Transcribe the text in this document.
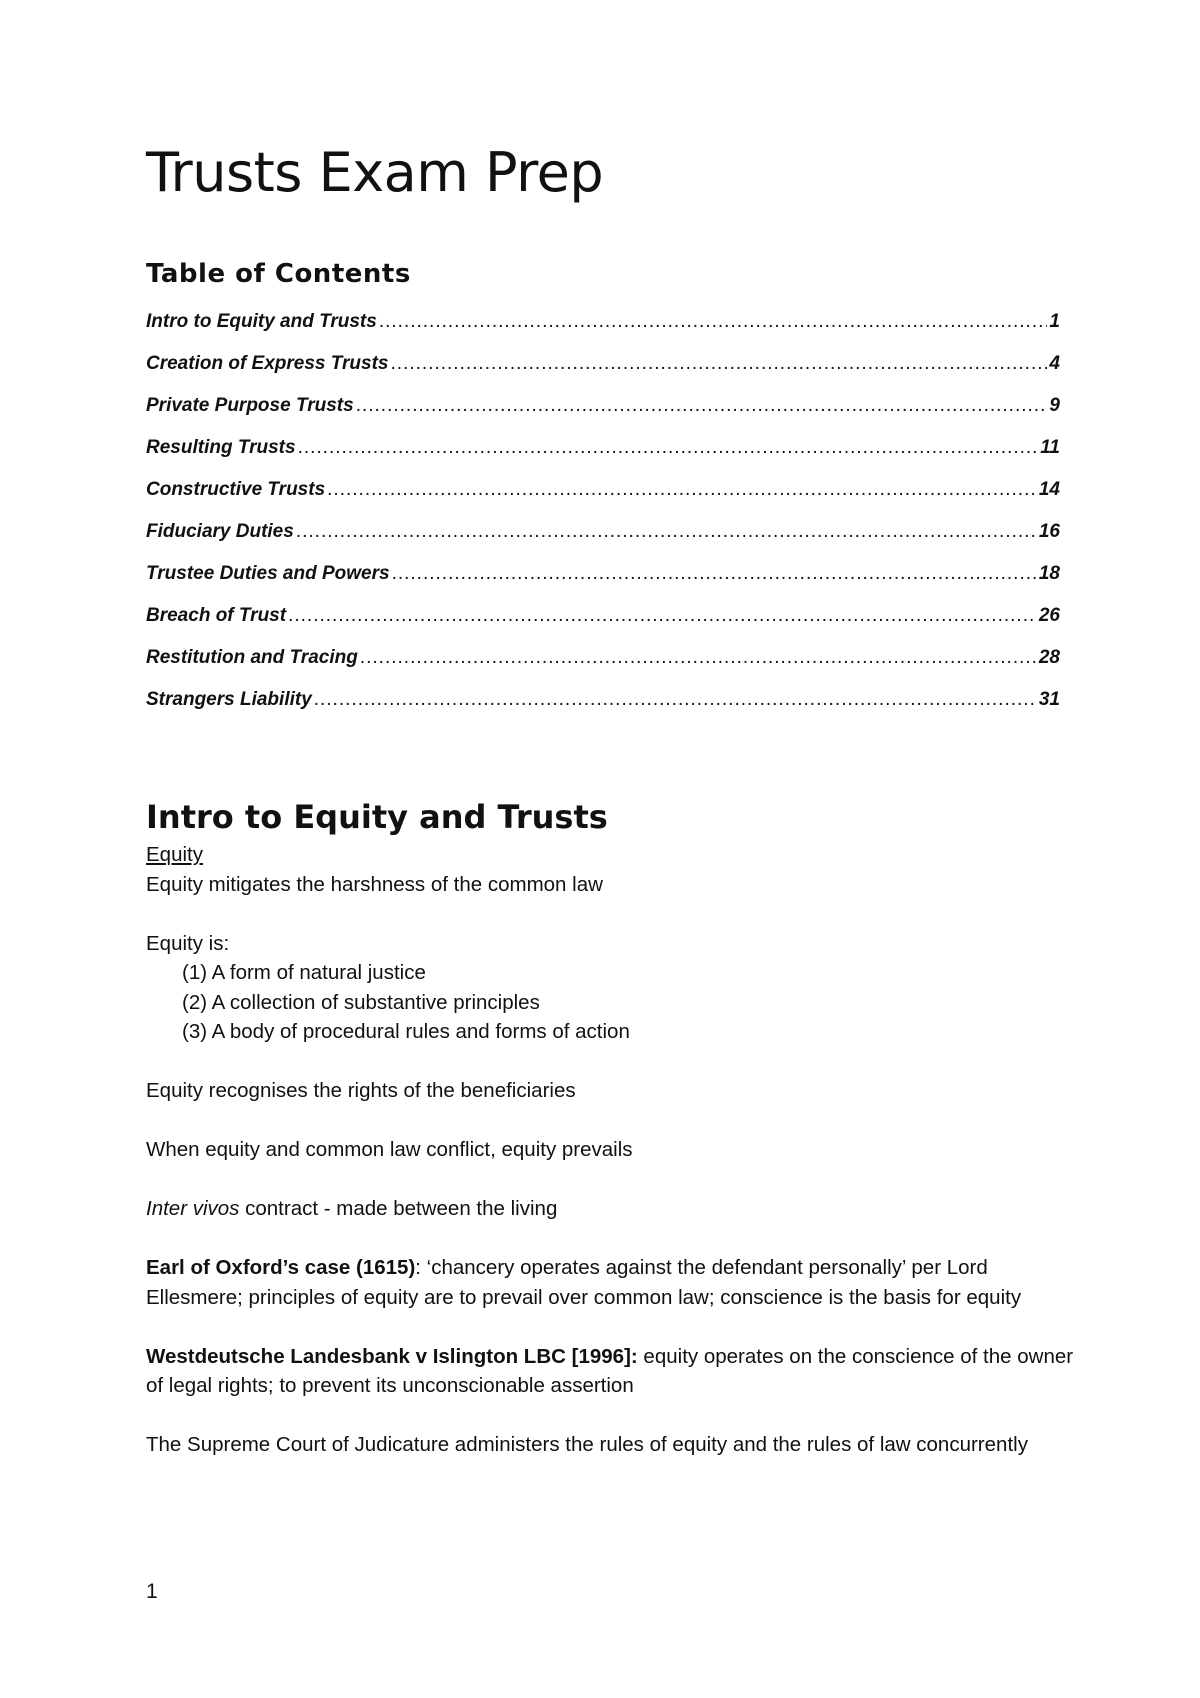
Trusts Exam Prep
Table of Contents
Intro to Equity and Trusts .....	1
Creation of Express Trusts .....	4
Private Purpose Trusts .....	9
Resulting Trusts .....	11
Constructive Trusts .....	14
Fiduciary Duties .....	16
Trustee Duties and Powers .....	18
Breach of Trust .....	26
Restitution and Tracing .....	28
Strangers Liability .....	31
Intro to Equity and Trusts

Equity

Equity mitigates the harshness of the common law

Equity is:

(1) A form of natural justice
(2) A collection of substantive principles
(3) A body of procedural rules and forms of action

Equity recognises the rights of the beneficiaries

When equity and common law conflict, equity prevails

Inter vivos contract - made between the living

Earl of Oxford’s case (1615): ‘chancery operates against the defendant personally’ per Lord Ellesmere; principles of equity are to prevail over common law; conscience is the basis for equity

Westdeutsche Landesbank v Islington LBC [1996]: equity operates on the conscience of the owner of legal rights; to prevent its unconscionable assertion

The Supreme Court of Judicature administers the rules of equity and the rules of law concurrently

1
